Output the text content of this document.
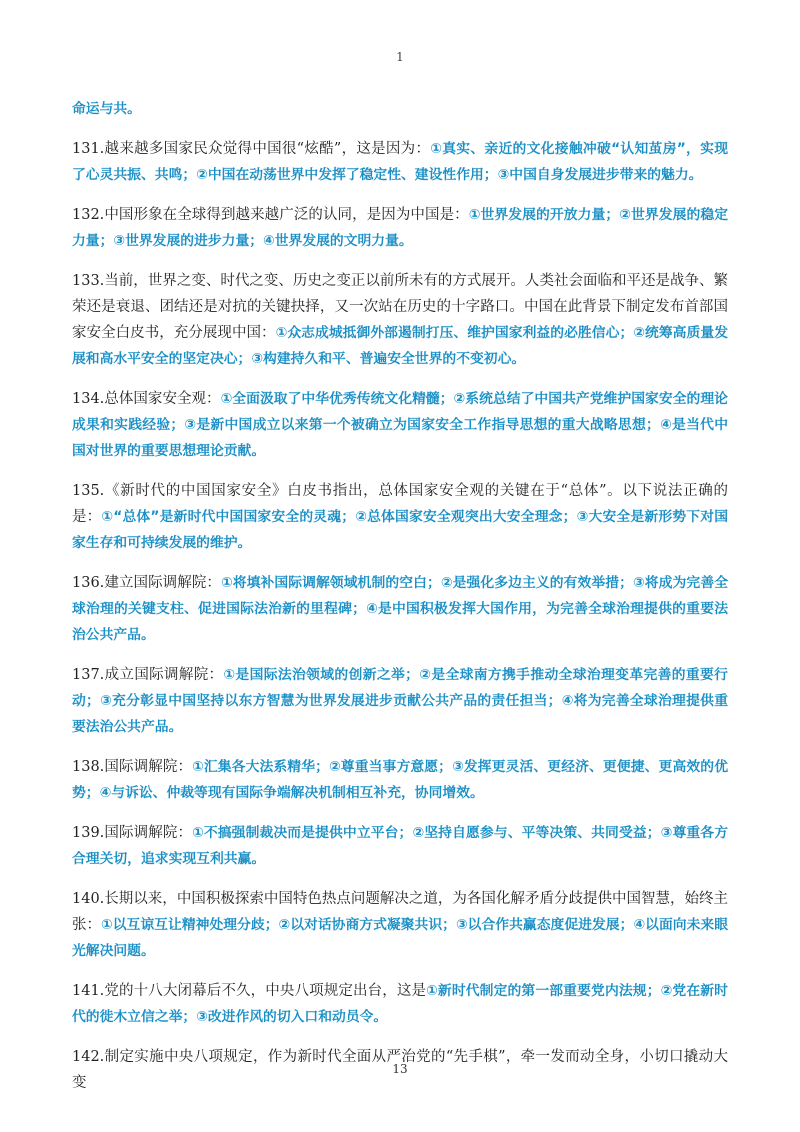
1

命运与共。

131.越来越多国家民众觉得中国很“炫酷”，这是因为：①真实、亲近的文化接触冲破“认知茧房”，实现了心灵共振、共鸣；②中国在动荡世界中发挥了稳定性、建设性作用；③中国自身发展进步带来的魅力。

132.中国形象在全球得到越来越广泛的认同，是因为中国是：①世界发展的开放力量；②世界发展的稳定力量；③世界发展的进步力量；④世界发展的文明力量。

133.当前，世界之变、时代之变、历史之变正以前所未有的方式展开。人类社会面临和平还是战争、繁荣还是衰退、团结还是对抗的关键抉择，又一次站在历史的十字路口。中国在此背景下制定发布首部国家安全白皮书，充分展现中国：①众志成城抵御外部遏制打压、维护国家利益的必胜信心；②统筹高质量发展和高水平安全的坚定决心；③构建持久和平、普遍安全世界的不变初心。

134.总体国家安全观：①全面汲取了中华优秀传统文化精髓；②系统总结了中国共产党维护国家安全的理论成果和实践经验；③是新中国成立以来第一个被确立为国家安全工作指导思想的重大战略思想；④是当代中国对世界的重要思想理论贡献。

135.《新时代的中国国家安全》白皮书指出，总体国家安全观的关键在于“总体”。以下说法正确的是：①“总体”是新时代中国国家安全的灵魂；②总体国家安全观突出大安全理念；③大安全是新形势下对国家生存和可持续发展的维护。

136.建立国际调解院：①将填补国际调解领域机制的空白；②是强化多边主义的有效举措；③将成为完善全球治理的关键支柱、促进国际法治新的里程碑；④是中国积极发挥大国作用，为完善全球治理提供的重要法治公共产品。

137.成立国际调解院：①是国际法治领域的创新之举；②是全球南方携手推动全球治理变革完善的重要行动；③充分彰显中国坚持以东方智慧为世界发展进步贡献公共产品的责任担当；④将为完善全球治理提供重要法治公共产品。

138.国际调解院：①汇集各大法系精华；②尊重当事方意愿；③发挥更灵活、更经济、更便捷、更高效的优势；④与诉讼、仲裁等现有国际争端解决机制相互补充，协同增效。

139.国际调解院：①不搞强制裁决而是提供中立平台；②坚持自愿参与、平等决策、共同受益；③尊重各方合理关切，追求实现互利共赢。

140.长期以来，中国积极探索中国特色热点问题解决之道，为各国化解矛盾分歧提供中国智慧，始终主张：①以互谅互让精神处理分歧；②以对话协商方式凝聚共识；③以合作共赢态度促进发展；④以面向未来眼光解决问题。

141.党的十八大闭幕后不久，中央八项规定出台，这是①新时代制定的第一部重要党内法规；②党在新时代的徙木立信之举；③改进作风的切入口和动员令。

142.制定实施中央八项规定，作为新时代全面从严治党的“先手棋”，牵一发而动全身，小切口撬动大变

13
